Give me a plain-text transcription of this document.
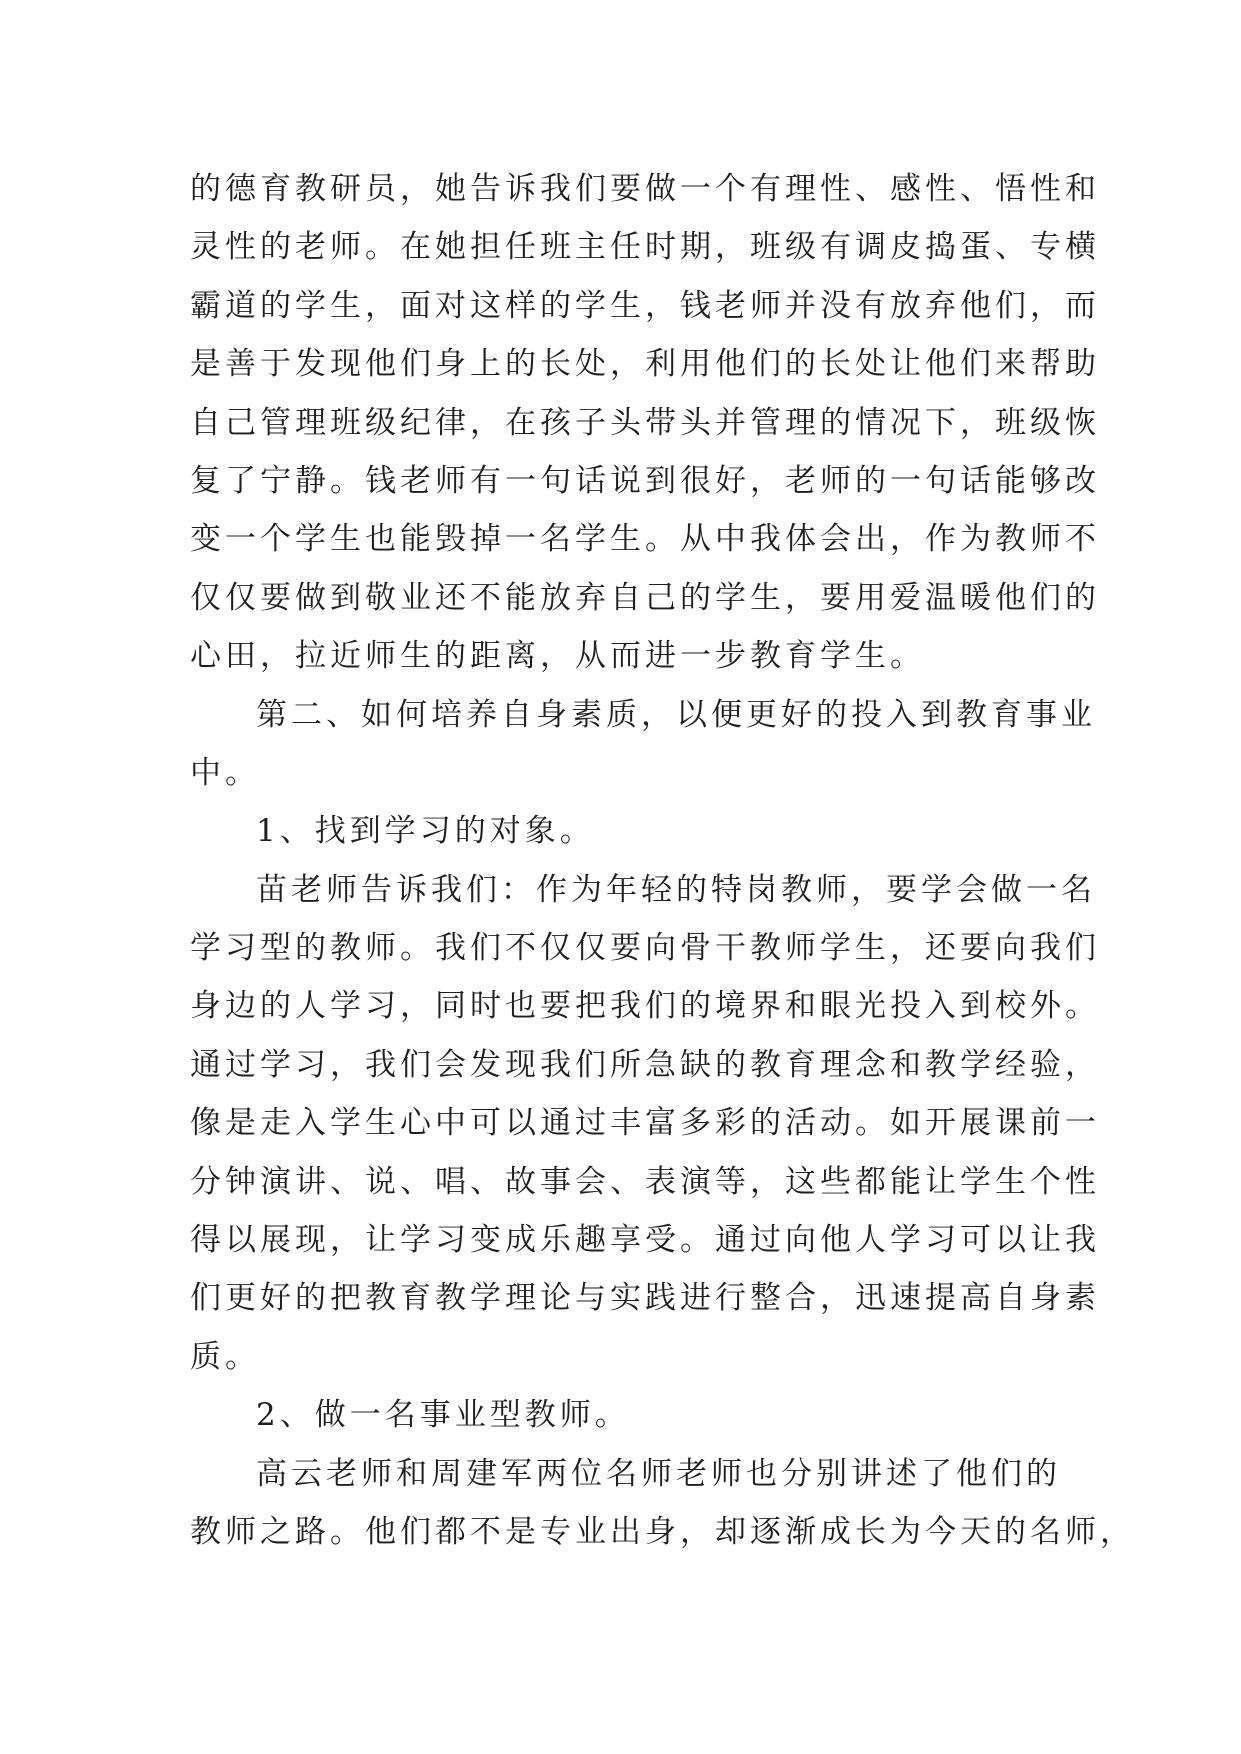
的德育教研员，她告诉我们要做一个有理性、感性、悟性和
灵性的老师。在她担任班主任时期，班级有调皮捣蛋、专横
霸道的学生，面对这样的学生，钱老师并没有放弃他们，而
是善于发现他们身上的长处，利用他们的长处让他们来帮助
自己管理班级纪律，在孩子头带头并管理的情况下，班级恢
复了宁静。钱老师有一句话说到很好，老师的一句话能够改
变一个学生也能毁掉一名学生。从中我体会出，作为教师不
仅仅要做到敬业还不能放弃自己的学生，要用爱温暖他们的
心田，拉近师生的距离，从而进一步教育学生。
第二、如何培养自身素质，以便更好的投入到教育事业
中。
1、找到学习的对象。
苗老师告诉我们：作为年轻的特岗教师，要学会做一名
学习型的教师。我们不仅仅要向骨干教师学生，还要向我们
身边的人学习，同时也要把我们的境界和眼光投入到校外。
通过学习，我们会发现我们所急缺的教育理念和教学经验，
像是走入学生心中可以通过丰富多彩的活动。如开展课前一
分钟演讲、说、唱、故事会、表演等，这些都能让学生个性
得以展现，让学习变成乐趣享受。通过向他人学习可以让我
们更好的把教育教学理论与实践进行整合，迅速提高自身素
质。
2、做一名事业型教师。
高云老师和周建军两位名师老师也分别讲述了他们的
教师之路。他们都不是专业出身，却逐渐成长为今天的名师，
